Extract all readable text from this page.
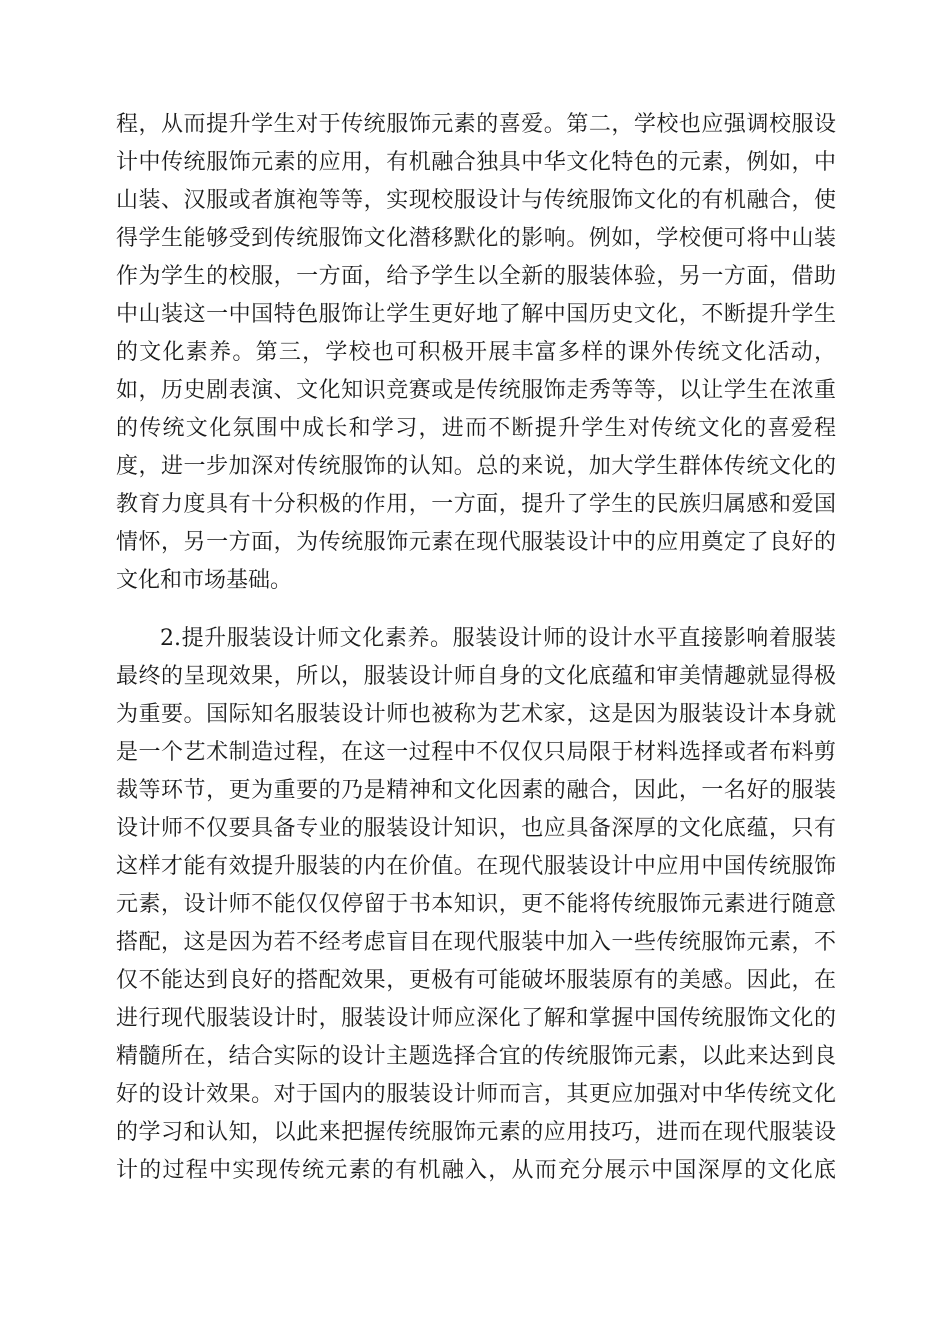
程，从而提升学生对于传统服饰元素的喜爱。第二，学校也应强调校服设
计中传统服饰元素的应用，有机融合独具中华文化特色的元素，例如，中
山装、汉服或者旗袍等等，实现校服设计与传统服饰文化的有机融合，使
得学生能够受到传统服饰文化潜移默化的影响。例如，学校便可将中山装
作为学生的校服，一方面，给予学生以全新的服装体验，另一方面，借助
中山装这一中国特色服饰让学生更好地了解中国历史文化，不断提升学生
的文化素养。第三，学校也可积极开展丰富多样的课外传统文化活动，
如，历史剧表演、文化知识竞赛或是传统服饰走秀等等，以让学生在浓重
的传统文化氛围中成长和学习，进而不断提升学生对传统文化的喜爱程
度，进一步加深对传统服饰的认知。总的来说，加大学生群体传统文化的
教育力度具有十分积极的作用，一方面，提升了学生的民族归属感和爱国
情怀，另一方面，为传统服饰元素在现代服装设计中的应用奠定了良好的
文化和市场基础。
2.提升服装设计师文化素养。服装设计师的设计水平直接影响着服装
最终的呈现效果，所以，服装设计师自身的文化底蕴和审美情趣就显得极
为重要。国际知名服装设计师也被称为艺术家，这是因为服装设计本身就
是一个艺术制造过程，在这一过程中不仅仅只局限于材料选择或者布料剪
裁等环节，更为重要的乃是精神和文化因素的融合，因此，一名好的服装
设计师不仅要具备专业的服装设计知识，也应具备深厚的文化底蕴，只有
这样才能有效提升服装的内在价值。在现代服装设计中应用中国传统服饰
元素，设计师不能仅仅停留于书本知识，更不能将传统服饰元素进行随意
搭配，这是因为若不经考虑盲目在现代服装中加入一些传统服饰元素，不
仅不能达到良好的搭配效果，更极有可能破坏服装原有的美感。因此，在
进行现代服装设计时，服装设计师应深化了解和掌握中国传统服饰文化的
精髓所在，结合实际的设计主题选择合宜的传统服饰元素，以此来达到良
好的设计效果。对于国内的服装设计师而言，其更应加强对中华传统文化
的学习和认知，以此来把握传统服饰元素的应用技巧，进而在现代服装设
计的过程中实现传统元素的有机融入，从而充分展示中国深厚的文化底
